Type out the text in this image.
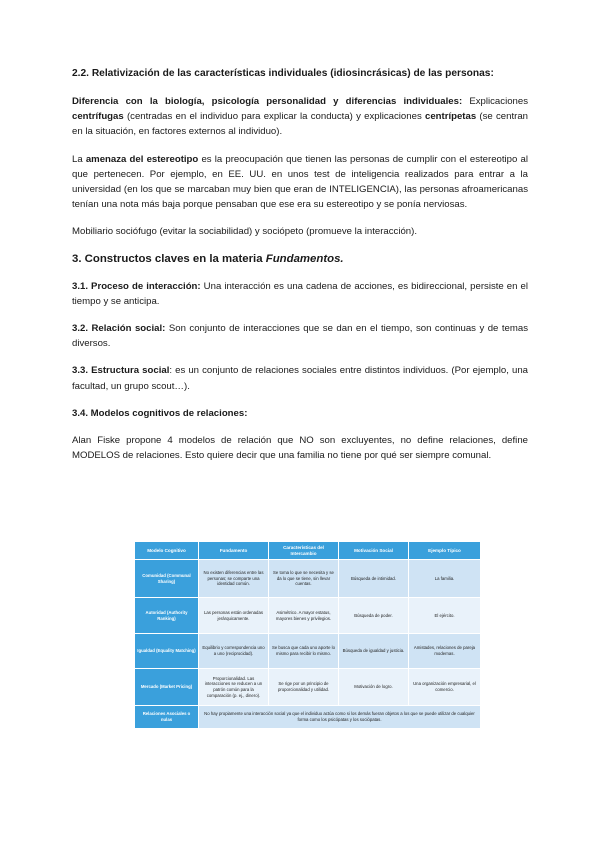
2.2. Relativización de las características individuales (idiosincrásicas) de las personas:

Diferencia con la biología, psicología personalidad y diferencias individuales: Explicaciones centrífugas (centradas en el individuo para explicar la conducta) y explicaciones centrípetas (se centran en la situación, en factores externos al individuo).

La amenaza del estereotipo es la preocupación que tienen las personas de cumplir con el estereotipo al que pertenecen. Por ejemplo, en EE. UU. en unos test de inteligencia realizados para entrar a la universidad (en los que se marcaban muy bien que eran de INTELIGENCIA), las personas afroamericanas tenían una nota más baja porque pensaban que ese era su estereotipo y se ponía nerviosas.

Mobiliario sociófugo (evitar la sociabilidad) y sociópeto (promueve la interacción).

3. Constructos claves en la materia Fundamentos.

3.1. Proceso de interacción: Una interacción es una cadena de acciones, es bidireccional, persiste en el tiempo y se anticipa.

3.2. Relación social: Son conjunto de interacciones que se dan en el tiempo, son continuas y de temas diversos.

3.3. Estructura social: es un conjunto de relaciones sociales entre distintos individuos. (Por ejemplo, una facultad, un grupo scout…).

3.4. Modelos cognitivos de relaciones:

Alan Fiske propone 4 modelos de relación que NO son excluyentes, no define relaciones, define MODELOS de relaciones. Esto quiere decir que una familia no tiene por qué ser siempre comunal.

Modelo Cognitivo	Fundamento	Características del Intercambio	Motivación Social	Ejemplo Típico
Comunidad (Communal Sharing)	No existen diferencias entre las personas; se comparte una identidad común.	Se toma lo que se necesita y se da lo que se tiene, sin llevar cuentas.	Búsqueda de intimidad.	La familia.
Autoridad (Authority Ranking)	Las personas están ordenadas jerárquicamente.	Asimétrico. A mayor estatus, mayores bienes y privilegios.	Búsqueda de poder.	El ejército.
Igualdad (Equality Matching)	Equilibrio y correspondencia uno a uno (reciprocidad).	Se busca que cada uno aporte lo mismo para recibir lo mismo.	Búsqueda de igualdad y justicia.	Amistades, relaciones de pareja modernas.
Mercado (Market Pricing)	Proporcionalidad. Las interacciones se reducen a un patrón común para la comparación (p. ej., dinero).	Se rige por un principio de proporcionalidad y utilidad.	Motivación de logro.	Una organización empresarial, el comercio.
Relaciones Asociales o nulas	No hay propiamente una interacción social ya que el individuo actúa como si los demás fueran objetos a los que se puede utilizar de cualquier forma como los psicópatas y los sociópatas.			
